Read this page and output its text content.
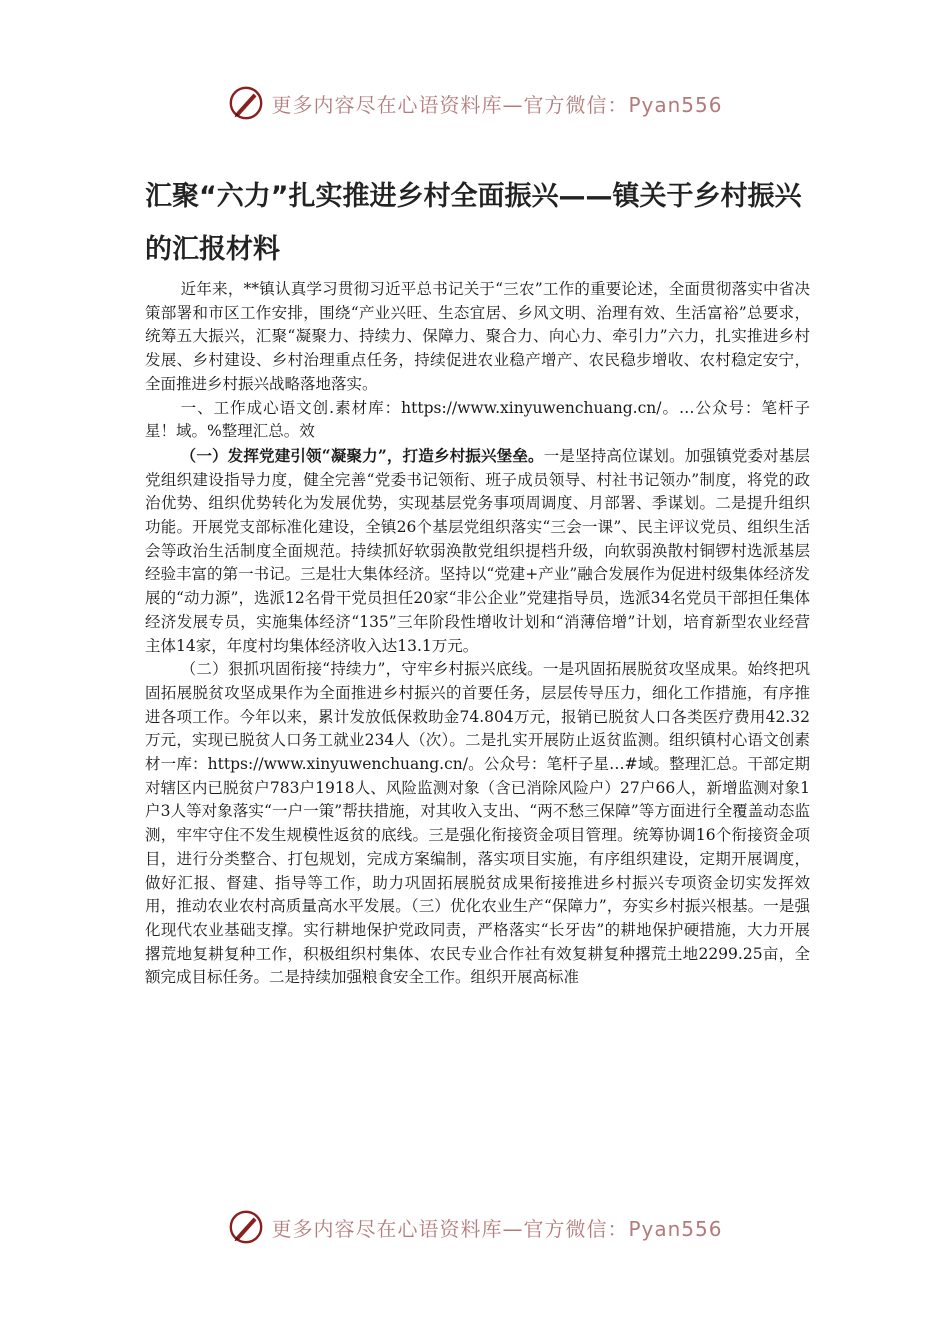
更多内容尽在心语资料库—官方微信：Pyan556
汇聚“六力”扎实推进乡村全面振兴——镇关于乡村振兴的汇报材料

近年来，**镇认真学习贯彻习近平总书记关于“三农”工作的重要论述，全面贯彻落实中省决策部署和市区工作安排，围绕“产业兴旺、生态宜居、乡风文明、治理有效、生活富裕”总要求，统筹五大振兴，汇聚“凝聚力、持续力、保障力、聚合力、向心力、牵引力”六力，扎实推进乡村发展、乡村建设、乡村治理重点任务，持续促进农业稳产增产、农民稳步增收、农村稳定安宁，全面推进乡村振兴战略落地落实。

一、工作成心语文创.素材库：https://www.xinyuwenchuang.cn/。…公众号：笔杆子星！域。%整理汇总。效

（一）发挥党建引领“凝聚力”，打造乡村振兴堡垒。一是坚持高位谋划。加强镇党委对基层党组织建设指导力度，健全完善“党委书记领衔、班子成员领导、村社书记领办”制度，将党的政治优势、组织优势转化为发展优势，实现基层党务事项周调度、月部署、季谋划。二是提升组织功能。开展党支部标准化建设，全镇26个基层党组织落实“三会一课”、民主评议党员、组织生活会等政治生活制度全面规范。持续抓好软弱涣散党组织提档升级，向软弱涣散村铜锣村选派基层经验丰富的第一书记。三是壮大集体经济。坚持以“党建+产业”融合发展作为促进村级集体经济发展的“动力源”，选派12名骨干党员担任20家“非公企业”党建指导员，选派34名党员干部担任集体经济发展专员，实施集体经济“135”三年阶段性增收计划和“消薄倍增”计划，培育新型农业经营主体14家，年度村均集体经济收入达13.1万元。

（二）狠抓巩固衔接“持续力”，守牢乡村振兴底线。一是巩固拓展脱贫攻坚成果。始终把巩固拓展脱贫攻坚成果作为全面推进乡村振兴的首要任务，层层传导压力，细化工作措施，有序推进各项工作。今年以来，累计发放低保救助金74.804万元，报销已脱贫人口各类医疗费用42.32万元，实现已脱贫人口务工就业234人（次）。二是扎实开展防止返贫监测。组织镇村心语文创素材一库：https://www.xinyuwenchuang.cn/。公众号：笔杆子星…#域。整理汇总。干部定期对辖区内已脱贫户783户1918人、风险监测对象（含已消除风险户）27户66人，新增监测对象1户3人等对象落实“一户一策”帮扶措施，对其收入支出、“两不愁三保障”等方面进行全覆盖动态监测，牢牢守住不发生规模性返贫的底线。三是强化衔接资金项目管理。统筹协调16个衔接资金项目，进行分类整合、打包规划，完成方案编制，落实项目实施，有序组织建设，定期开展调度，做好汇报、督建、指导等工作，助力巩固拓展脱贫成果衔接推进乡村振兴专项资金切实发挥效用，推动农业农村高质量高水平发展。（三）优化农业生产“保障力”，夯实乡村振兴根基。一是强化现代农业基础支撑。实行耕地保护党政同责，严格落实“长牙齿”的耕地保护硬措施，大力开展撂荒地复耕复种工作，积极组织村集体、农民专业合作社有效复耕复种撂荒土地2299.25亩，全额完成目标任务。二是持续加强粮食安全工作。组织开展高标准

更多内容尽在心语资料库—官方微信：Pyan556
